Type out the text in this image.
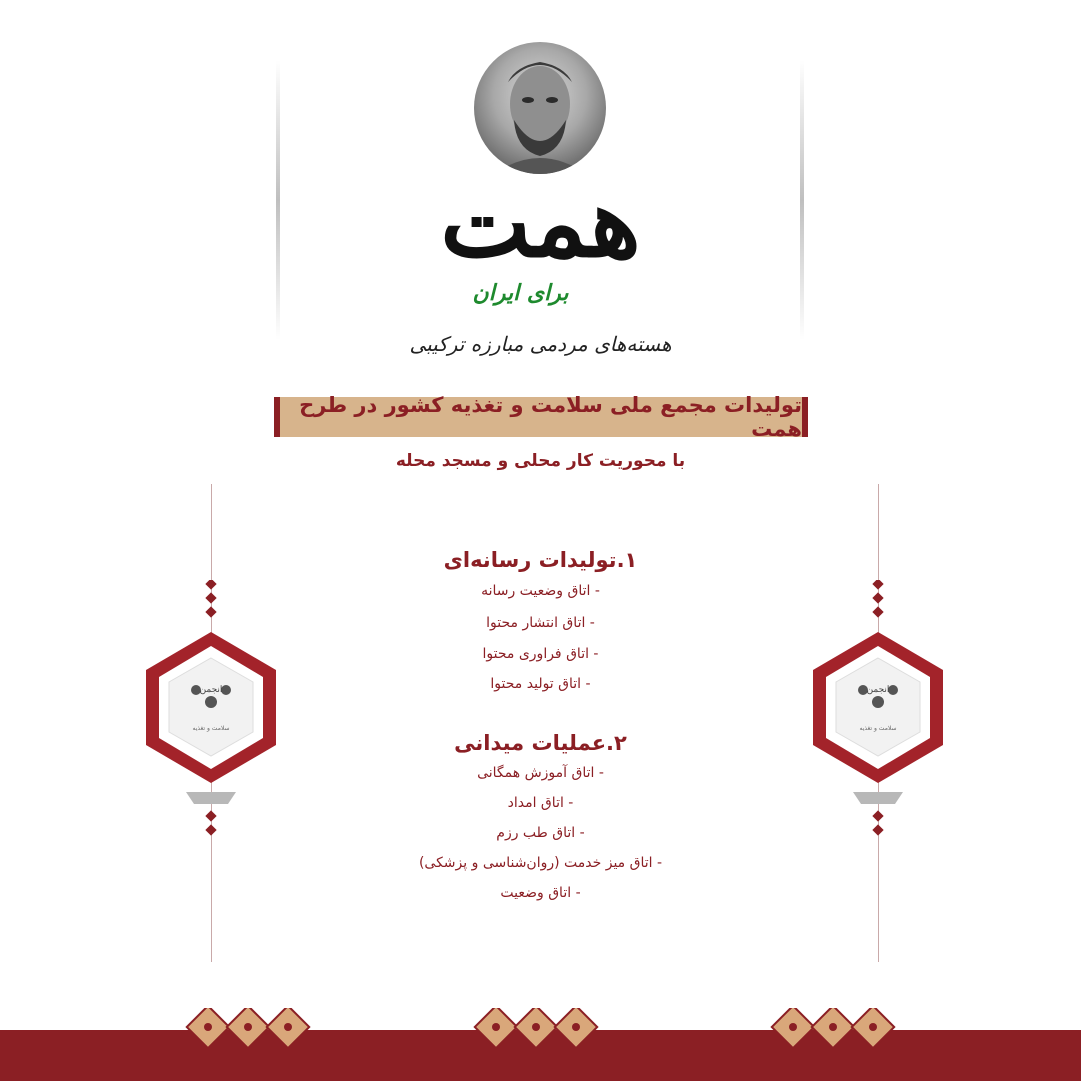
همت
برای ایران
هسته‌های مردمی مبارزه ترکیبی
تولیدات مجمع ملی سلامت و تغذیه کشور در طرح همت
با محوریت کار محلی و مسجد محله
۱.تولیدات رسانه‌ای
- اتاق وضعیت رسانه
- اتاق انتشار محتوا
- اتاق فراوری محتوا
- اتاق تولید محتوا
۲.عملیات میدانی
- اتاق آموزش همگانی
- اتاق امداد
- اتاق طب رزم
- اتاق میز خدمت (روان‌شناسی و پزشکی)
- اتاق وضعیت
انجمن
سلامت و تغذیه
انجمن
سلامت و تغذیه
